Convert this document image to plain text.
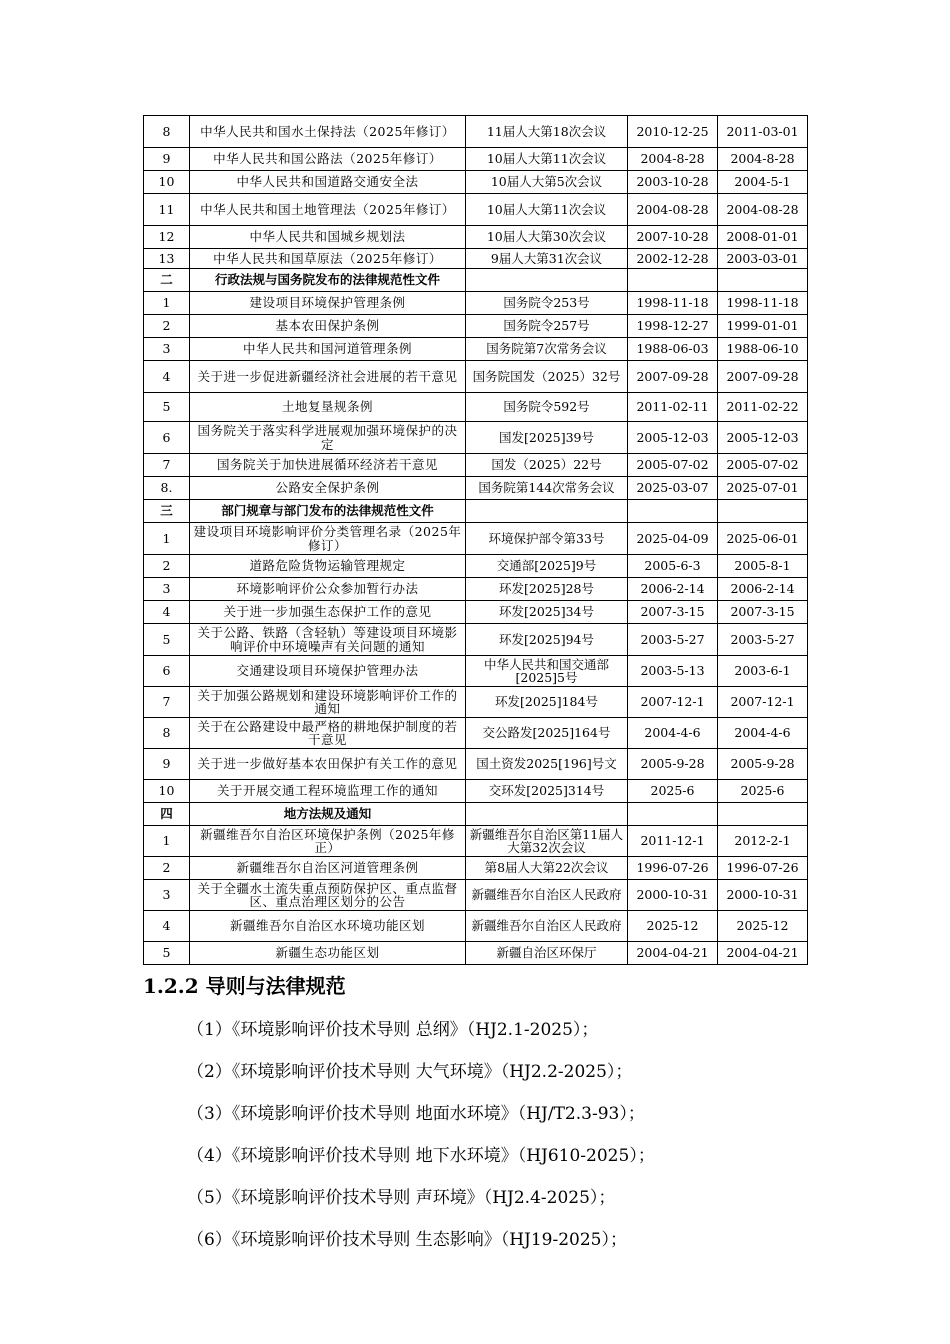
8	中华人民共和国水土保持法（2025年修订）	11届人大第18次会议	2010-12-25	2011-03-01
9	中华人民共和国公路法（2025年修订）	10届人大第11次会议	2004-8-28	2004-8-28
10	中华人民共和国道路交通安全法	10届人大第5次会议	2003-10-28	2004-5-1
11	中华人民共和国土地管理法（2025年修订）	10届人大第11次会议	2004-08-28	2004-08-28
12	中华人民共和国城乡规划法	10届人大第30次会议	2007-10-28	2008-01-01
13	中华人民共和国草原法（2025年修订）	9届人大第31次会议	2002-12-28	2003-03-01
二	行政法规与国务院发布的法律规范性文件			
1	建设项目环境保护管理条例	国务院令253号	1998-11-18	1998-11-18
2	基本农田保护条例	国务院令257号	1998-12-27	1999-01-01
3	中华人民共和国河道管理条例	国务院第7次常务会议	1988-06-03	1988-06-10
4	关于进一步促进新疆经济社会进展的若干意见	国务院国发（2025）32号	2007-09-28	2007-09-28
5	土地复垦规条例	国务院令592号	2011-02-11	2011-02-22
6	国务院关于落实科学进展观加强环境保护的决定	国发[2025]39号	2005-12-03	2005-12-03
7	国务院关于加快进展循环经济若干意见	国发（2025）22号	2005-07-02	2005-07-02
8.	公路安全保护条例	国务院第144次常务会议	2025-03-07	2025-07-01
三	部门规章与部门发布的法律规范性文件			
1	建设项目环境影响评价分类管理名录（2025年修订）	环境保护部令第33号	2025-04-09	2025-06-01
2	道路危险货物运输管理规定	交通部[2025]9号	2005-6-3	2005-8-1
3	环境影响评价公众参加暂行办法	环发[2025]28号	2006-2-14	2006-2-14
4	关于进一步加强生态保护工作的意见	环发[2025]34号	2007-3-15	2007-3-15
5	关于公路、铁路（含轻轨）等建设项目环境影响评价中环境噪声有关问题的通知	环发[2025]94号	2003-5-27	2003-5-27
6	交通建设项目环境保护管理办法	中华人民共和国交通部[2025]5号	2003-5-13	2003-6-1
7	关于加强公路规划和建设环境影响评价工作的通知	环发[2025]184号	2007-12-1	2007-12-1
8	关于在公路建设中最严格的耕地保护制度的若干意见	交公路发[2025]164号	2004-4-6	2004-4-6
9	关于进一步做好基本农田保护有关工作的意见	国土资发2025[196]号文	2005-9-28	2005-9-28
10	关于开展交通工程环境监理工作的通知	交环发[2025]314号	2025-6	2025-6
四	地方法规及通知			
1	新疆维吾尔自治区环境保护条例（2025年修正）	新疆维吾尔自治区第11届人大第32次会议	2011-12-1	2012-2-1
2	新疆维吾尔自治区河道管理条例	第8届人大第22次会议	1996-07-26	1996-07-26
3	关于全疆水土流失重点预防保护区、重点监督区、重点治理区划分的公告	新疆维吾尔自治区人民政府	2000-10-31	2000-10-31
4	新疆维吾尔自治区水环境功能区划	新疆维吾尔自治区人民政府	2025-12	2025-12
5	新疆生态功能区划	新疆自治区环保厅	2004-04-21	2004-04-21
1.2.2 导则与法律规范
（1）《环境影响评价技术导则 总纲》（HJ2.1-2025）；
（2）《环境影响评价技术导则 大气环境》（HJ2.2-2025）；
（3）《环境影响评价技术导则 地面水环境》（HJ/T2.3-93）；
（4）《环境影响评价技术导则 地下水环境》（HJ610-2025）；
（5）《环境影响评价技术导则 声环境》（HJ2.4-2025）；
（6）《环境影响评价技术导则 生态影响》（HJ19-2025）；
